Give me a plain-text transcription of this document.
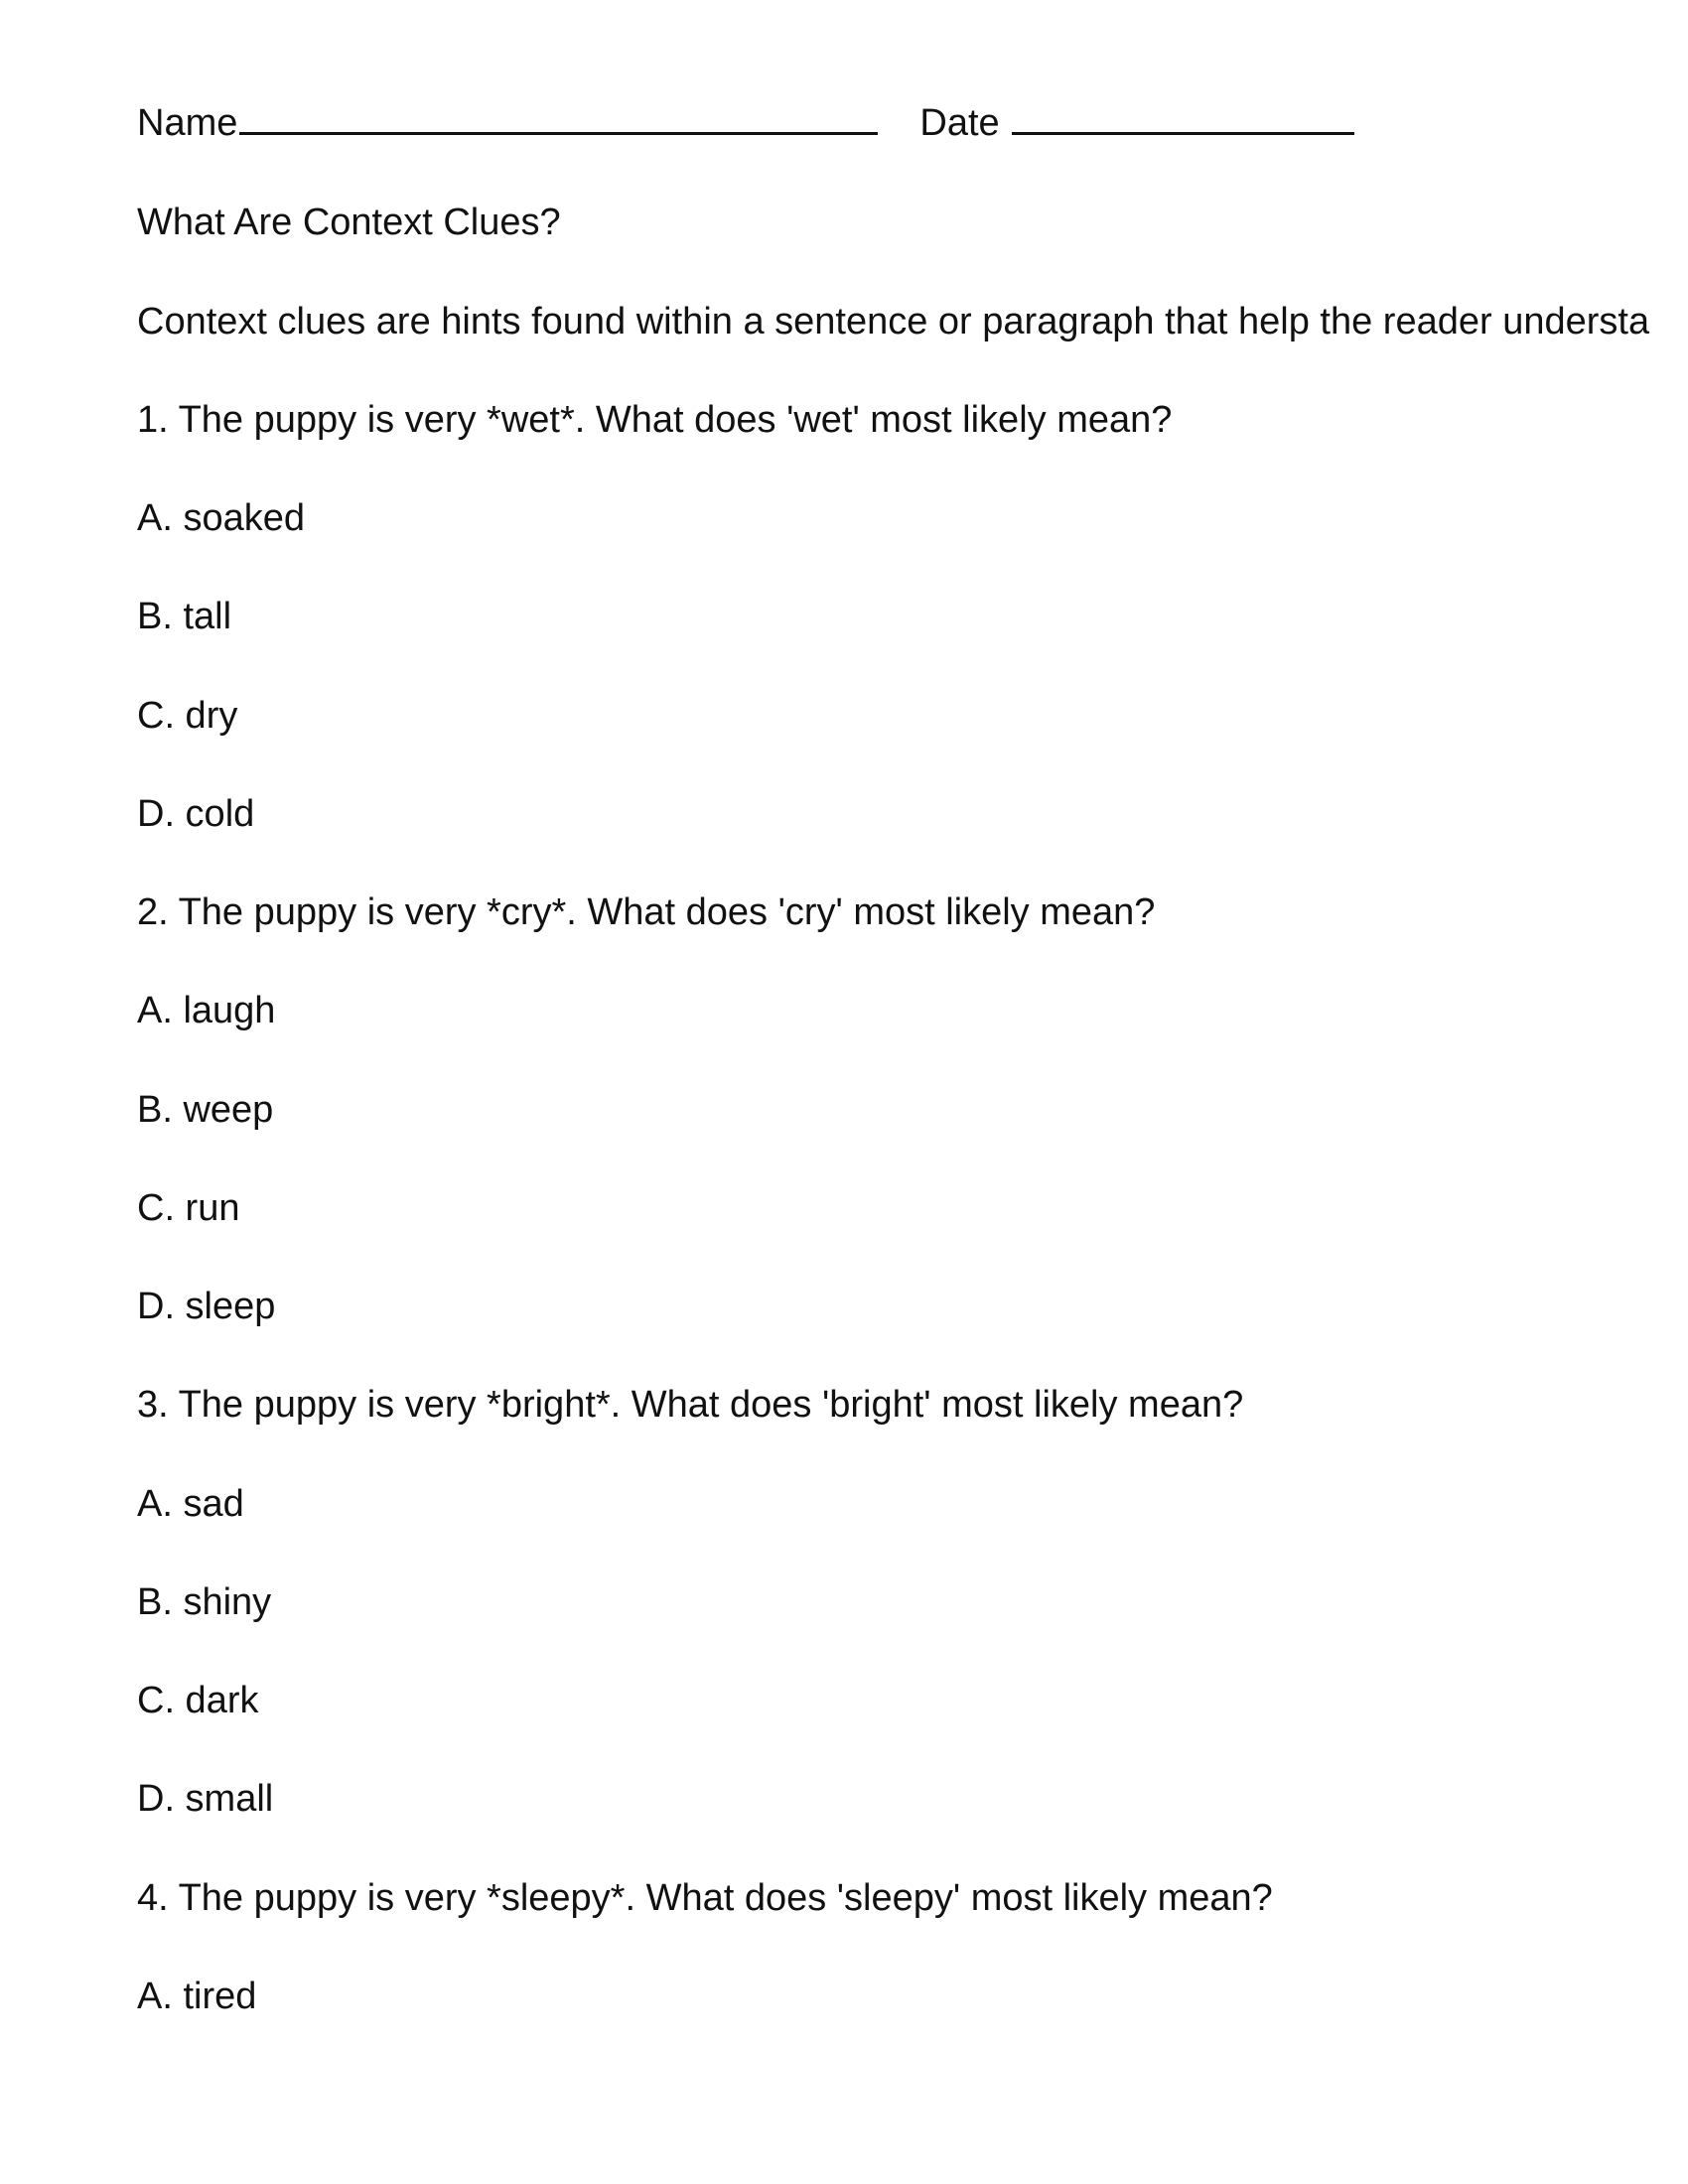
Name	Date

What Are Context Clues?

Context clues are hints found within a sentence or paragraph that help the reader understa

1. The puppy is very *wet*. What does 'wet' most likely mean?

A. soaked

B. tall

C. dry

D. cold

2. The puppy is very *cry*. What does 'cry' most likely mean?

A. laugh

B. weep

C. run

D. sleep

3. The puppy is very *bright*. What does 'bright' most likely mean?

A. sad

B. shiny

C. dark

D. small

4. The puppy is very *sleepy*. What does 'sleepy' most likely mean?

A. tired
